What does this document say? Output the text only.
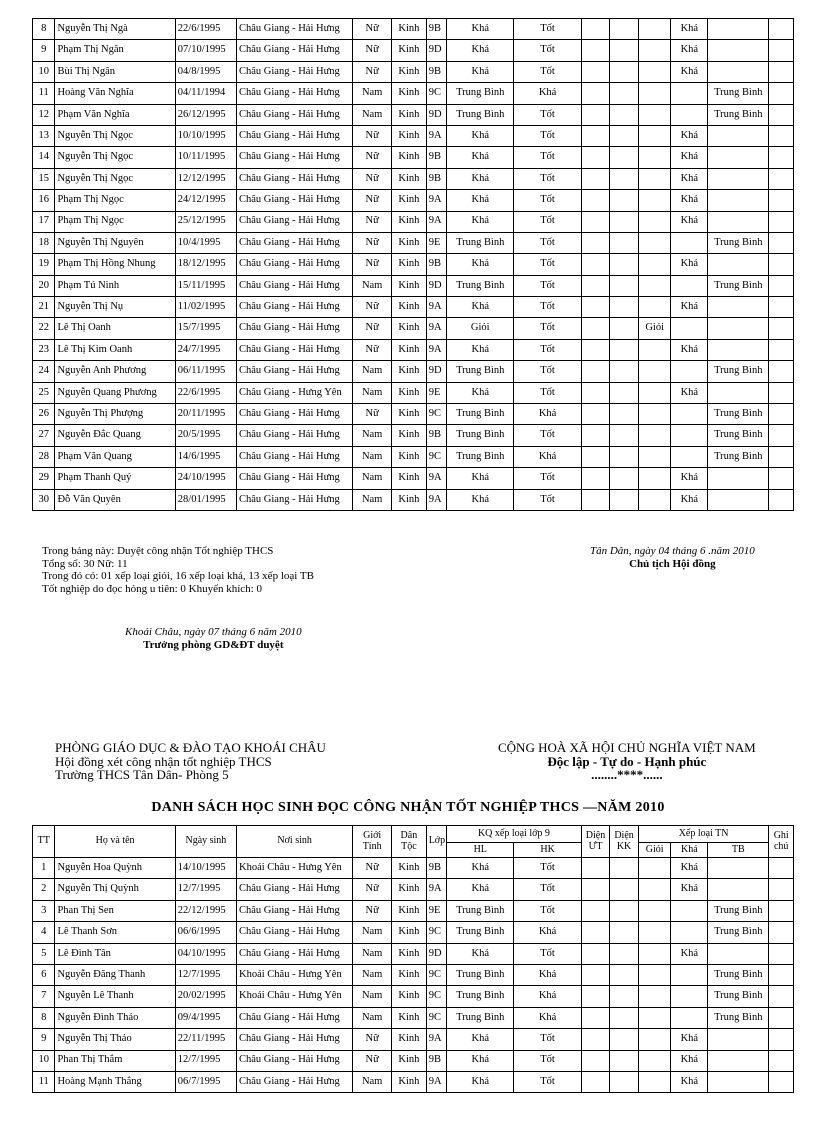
8	Nguyễn Thị Ngà	22/6/1995	Châu Giang - Hải Hưng	Nữ	Kinh	9B	Khá	Tốt				Khá		
9	Phạm Thị Ngân	07/10/1995	Châu Giang - Hải Hưng	Nữ	Kinh	9D	Khá	Tốt				Khá		
10	Bùi Thị Ngân	04/8/1995	Châu Giang - Hải Hưng	Nữ	Kinh	9B	Khá	Tốt				Khá		
11	Hoàng Văn Nghĩa	04/11/1994	Châu Giang - Hải Hưng	Nam	Kinh	9C	Trung Bình	Khá					Trung Bình	
12	Phạm Văn Nghĩa	26/12/1995	Châu Giang - Hải Hưng	Nam	Kinh	9D	Trung Bình	Tốt					Trung Bình	
13	Nguyễn Thị Ngọc	10/10/1995	Châu Giang - Hải Hưng	Nữ	Kinh	9A	Khá	Tốt				Khá		
14	Nguyễn Thị Ngọc	10/11/1995	Châu Giang - Hải Hưng	Nữ	Kinh	9B	Khá	Tốt				Khá		
15	Nguyễn Thị Ngọc	12/12/1995	Châu Giang - Hải Hưng	Nữ	Kinh	9B	Khá	Tốt				Khá		
16	Phạm Thị Ngọc	24/12/1995	Châu Giang - Hải Hưng	Nữ	Kinh	9A	Khá	Tốt				Khá		
17	Phạm Thị Ngọc	25/12/1995	Châu Giang - Hải Hưng	Nữ	Kinh	9A	Khá	Tốt				Khá		
18	Nguyễn Thị Nguyên	10/4/1995	Châu Giang - Hải Hưng	Nữ	Kinh	9E	Trung Bình	Tốt					Trung Bình	
19	Phạm Thị Hồng Nhung	18/12/1995	Châu Giang - Hải Hưng	Nữ	Kinh	9B	Khá	Tốt				Khá		
20	Phạm Tú Ninh	15/11/1995	Châu Giang - Hải Hưng	Nam	Kinh	9D	Trung Bình	Tốt					Trung Bình	
21	Nguyễn Thị Nụ	11/02/1995	Châu Giang - Hải Hưng	Nữ	Kinh	9A	Khá	Tốt				Khá		
22	Lê Thị Oanh	15/7/1995	Châu Giang - Hải Hưng	Nữ	Kinh	9A	Giỏi	Tốt			Giỏi			
23	Lê Thị Kim Oanh	24/7/1995	Châu Giang - Hải Hưng	Nữ	Kinh	9A	Khá	Tốt				Khá		
24	Nguyễn Anh Phương	06/11/1995	Châu Giang - Hải Hưng	Nam	Kinh	9D	Trung Bình	Tốt					Trung Bình	
25	Nguyễn Quang Phương	22/6/1995	Châu Giang - Hưng Yên	Nam	Kinh	9E	Khá	Tốt				Khá		
26	Nguyễn Thị Phượng	20/11/1995	Châu Giang - Hải Hưng	Nữ	Kinh	9C	Trung Bình	Khá					Trung Bình	
27	Nguyễn Đắc Quang	20/5/1995	Châu Giang - Hải Hưng	Nam	Kinh	9B	Trung Bình	Tốt					Trung Bình	
28	Phạm Văn Quang	14/6/1995	Châu Giang - Hải Hưng	Nam	Kinh	9C	Trung Bình	Khá					Trung Bình	
29	Phạm Thanh Quý	24/10/1995	Châu Giang - Hải Hưng	Nam	Kinh	9A	Khá	Tốt				Khá		
30	Đỗ Văn Quyên	28/01/1995	Châu Giang - Hải Hưng	Nam	Kinh	9A	Khá	Tốt				Khá		
Trong bảng này: Duyệt công nhận Tốt nghiệp THCS
Tổng số: 30 Nữ: 11
Trong đó có: 01 xếp loại giỏi, 16 xếp loại khá, 13 xếp loại TB
Tốt nghiệp do đọc hỏng u tiên: 0 Khuyến khích: 0
Tân Dân, ngày 04 tháng 6 .năm 2010
Chủ tịch Hội đồng
Khoái Châu, ngày 07 tháng 6 năm 2010
Trưởng phòng GD&ĐT duyệt
PHÒNG GIÁO DỤC & ĐÀO TẠO KHOÁI CHÂU
Hội đồng xét công nhận tốt nghiệp THCS
Trường THCS Tân Dân- Phòng 5
CỘNG HOÀ XÃ HỘI CHỦ NGHĨA VIỆT NAM
Độc lập - Tự do - Hạnh phúc
........****......
DANH SÁCH HỌC SINH ĐỌC CÔNG NHẬN TỐT NGHIỆP THCS —NĂM 2010
TT	Họ và tên	Ngày sinh	Nơi sinh	Giới Tính	Dân Tộc	Lớp	KQ xếp loại lớp 9		Diện ƯT	Diện KK	Xếp loại TN			Ghi chú
							HL	HK			Giỏi	Khá	TB	
1	Nguyễn Hoa Quỳnh	14/10/1995	Khoái Châu - Hưng Yên	Nữ	Kinh	9B	Khá	Tốt				Khá		
2	Nguyễn Thị Quỳnh	12/7/1995	Châu Giang - Hải Hưng	Nữ	Kinh	9A	Khá	Tốt				Khá		
3	Phan Thị Sen	22/12/1995	Châu Giang - Hải Hưng	Nữ	Kinh	9E	Trung Bình	Tốt					Trung Bình	
4	Lê Thanh Sơn	06/6/1995	Châu Giang - Hải Hưng	Nam	Kinh	9C	Trung Bình	Khá					Trung Bình	
5	Lê Đình Tân	04/10/1995	Châu Giang - Hải Hưng	Nam	Kinh	9D	Khá	Tốt				Khá		
6	Nguyễn Đăng Thanh	12/7/1995	Khoái Châu - Hưng Yên	Nam	Kinh	9C	Trung Bình	Khá					Trung Bình	
7	Nguyễn Lê Thanh	20/02/1995	Khoái Châu - Hưng Yên	Nam	Kinh	9C	Trung Bình	Khá					Trung Bình	
8	Nguyễn Đình Thảo	09/4/1995	Châu Giang - Hải Hưng	Nam	Kinh	9C	Trung Bình	Khá					Trung Bình	
9	Nguyễn Thị Thảo	22/11/1995	Châu Giang - Hải Hưng	Nữ	Kinh	9A	Khá	Tốt				Khá		
10	Phan Thị Thắm	12/7/1995	Châu Giang - Hải Hưng	Nữ	Kinh	9B	Khá	Tốt				Khá		
11	Hoàng Mạnh Thắng	06/7/1995	Châu Giang - Hải Hưng	Nam	Kinh	9A	Khá	Tốt				Khá		
